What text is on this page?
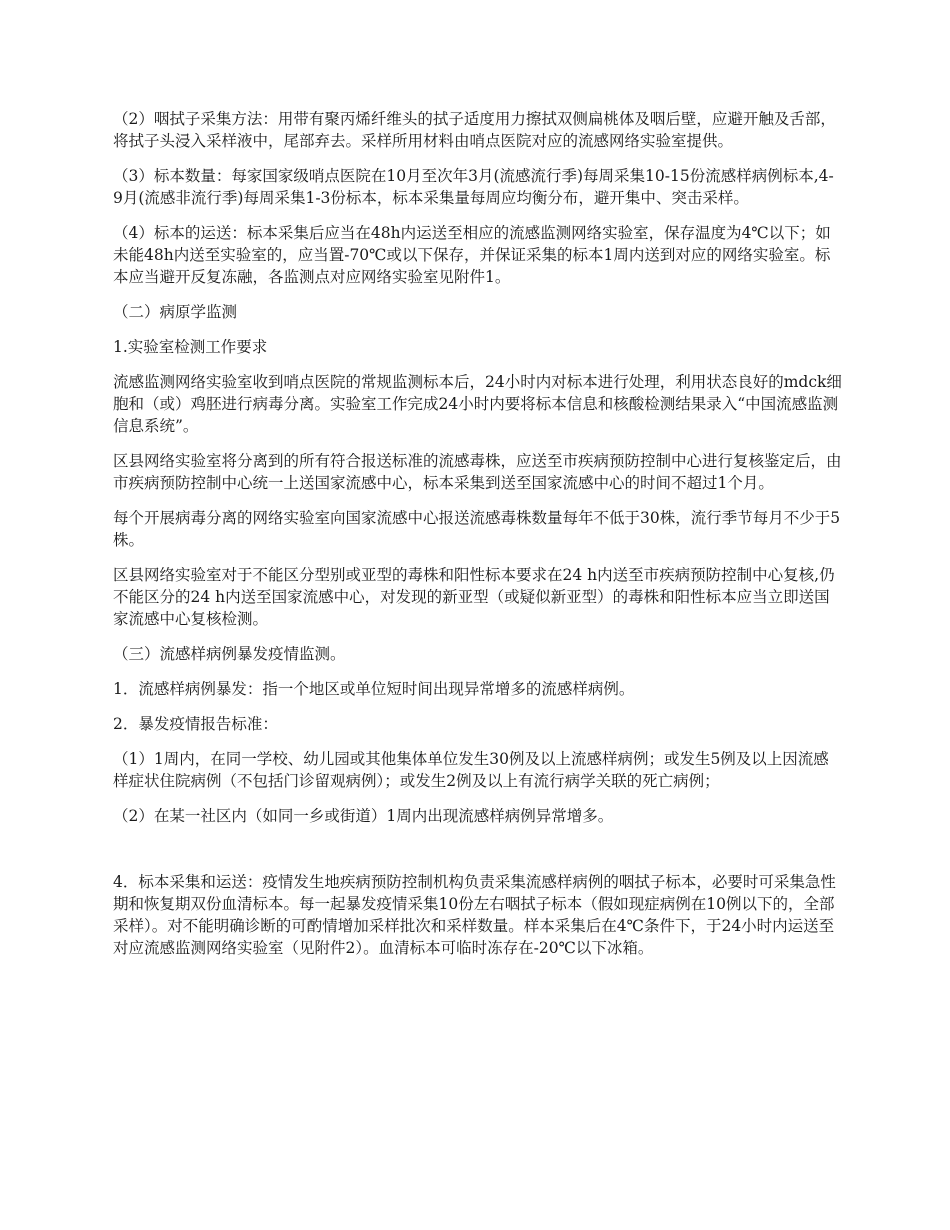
（2）咽拭子采集方法：用带有聚丙烯纤维头的拭子适度用力擦拭双侧扁桃体及咽后壁，应避开触及舌部，将拭子头浸入采样液中，尾部弃去。采样所用材料由哨点医院对应的流感网络实验室提供。

（3）标本数量：每家国家级哨点医院在10月至次年3月(流感流行季)每周采集10-15份流感样病例标本,4-9月(流感非流行季)每周采集1-3份标本，标本采集量每周应均衡分布，避开集中、突击采样。

（4）标本的运送：标本采集后应当在48h内运送至相应的流感监测网络实验室，保存温度为4℃以下；如未能48h内送至实验室的，应当置-70℃或以下保存，并保证采集的标本1周内送到对应的网络实验室。标本应当避开反复冻融，各监测点对应网络实验室见附件1。

（二）病原学监测

1.实验室检测工作要求

流感监测网络实验室收到哨点医院的常规监测标本后，24小时内对标本进行处理，利用状态良好的mdck细胞和（或）鸡胚进行病毒分离。实验室工作完成24小时内要将标本信息和核酸检测结果录入“中国流感监测信息系统”。

区县网络实验室将分离到的所有符合报送标准的流感毒株，应送至市疾病预防控制中心进行复核鉴定后，由市疾病预防控制中心统一上送国家流感中心，标本采集到送至国家流感中心的时间不超过1个月。

每个开展病毒分离的网络实验室向国家流感中心报送流感毒株数量每年不低于30株，流行季节每月不少于5株。

区县网络实验室对于不能区分型别或亚型的毒株和阳性标本要求在24 h内送至市疾病预防控制中心复核,仍不能区分的24 h内送至国家流感中心，对发现的新亚型（或疑似新亚型）的毒株和阳性标本应当立即送国家流感中心复核检测。

（三）流感样病例暴发疫情监测。

1．流感样病例暴发：指一个地区或单位短时间出现异常增多的流感样病例。

2．暴发疫情报告标准：

（1）1周内，在同一学校、幼儿园或其他集体单位发生30例及以上流感样病例；或发生5例及以上因流感样症状住院病例（不包括门诊留观病例）；或发生2例及以上有流行病学关联的死亡病例；

（2）在某一社区内（如同一乡或街道）1周内出现流感样病例异常增多。

4．标本采集和运送：疫情发生地疾病预防控制机构负责采集流感样病例的咽拭子标本，必要时可采集急性期和恢复期双份血清标本。每一起暴发疫情采集10份左右咽拭子标本（假如现症病例在10例以下的，全部采样）。对不能明确诊断的可酌情增加采样批次和采样数量。样本采集后在4℃条件下，于24小时内运送至对应流感监测网络实验室（见附件2）。血清标本可临时冻存在-20℃以下冰箱。
